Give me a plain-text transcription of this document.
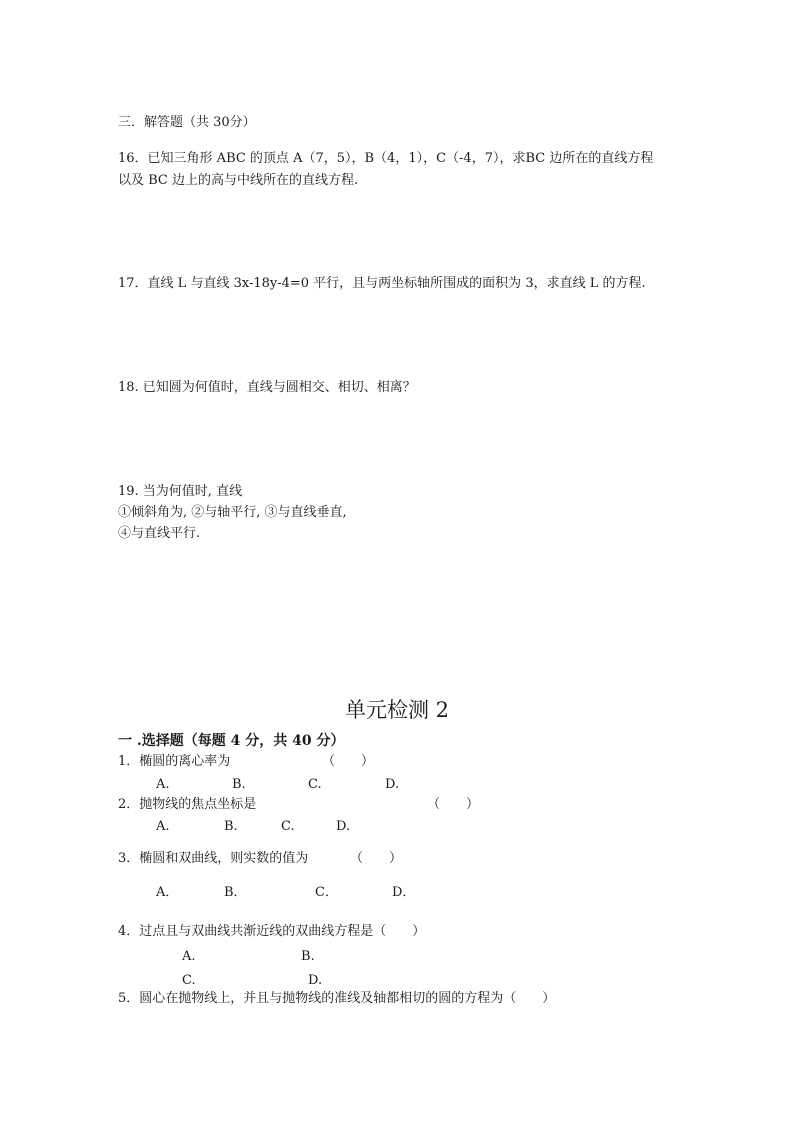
三．解答题（共 30分）
16．已知三角形 ABC 的顶点 A（7，5），B（4，1），C（-4，7），求BC 边所在的直线方程
以及 BC 边上的高与中线所在的直线方程.
17．直线 L 与直线 3x-18y-4=0 平行，且与两坐标轴所围成的面积为 3，求直线 L 的方程.
18. 已知圆为何值时，直线与圆相交、相切、相离？
19. 当为何值时, 直线
①倾斜角为, ②与轴平行, ③与直线垂直,
④与直线平行.
单元检测 2
一 .选择题（每题 4 分，共 40 分）
1．椭圆的离心率为	（　　）
A.	B.	C.	D.
2．抛物线的焦点坐标是	（　　）
A.	B.	C.	D.
3．椭圆和双曲线，则实数的值为	（　　）
A．	B．	C．	D．
4．过点且与双曲线共渐近线的双曲线方程是（　　）
A.	B.
C.	D.
5．圆心在抛物线上，并且与抛物线的准线及轴都相切的圆的方程为（　　）
